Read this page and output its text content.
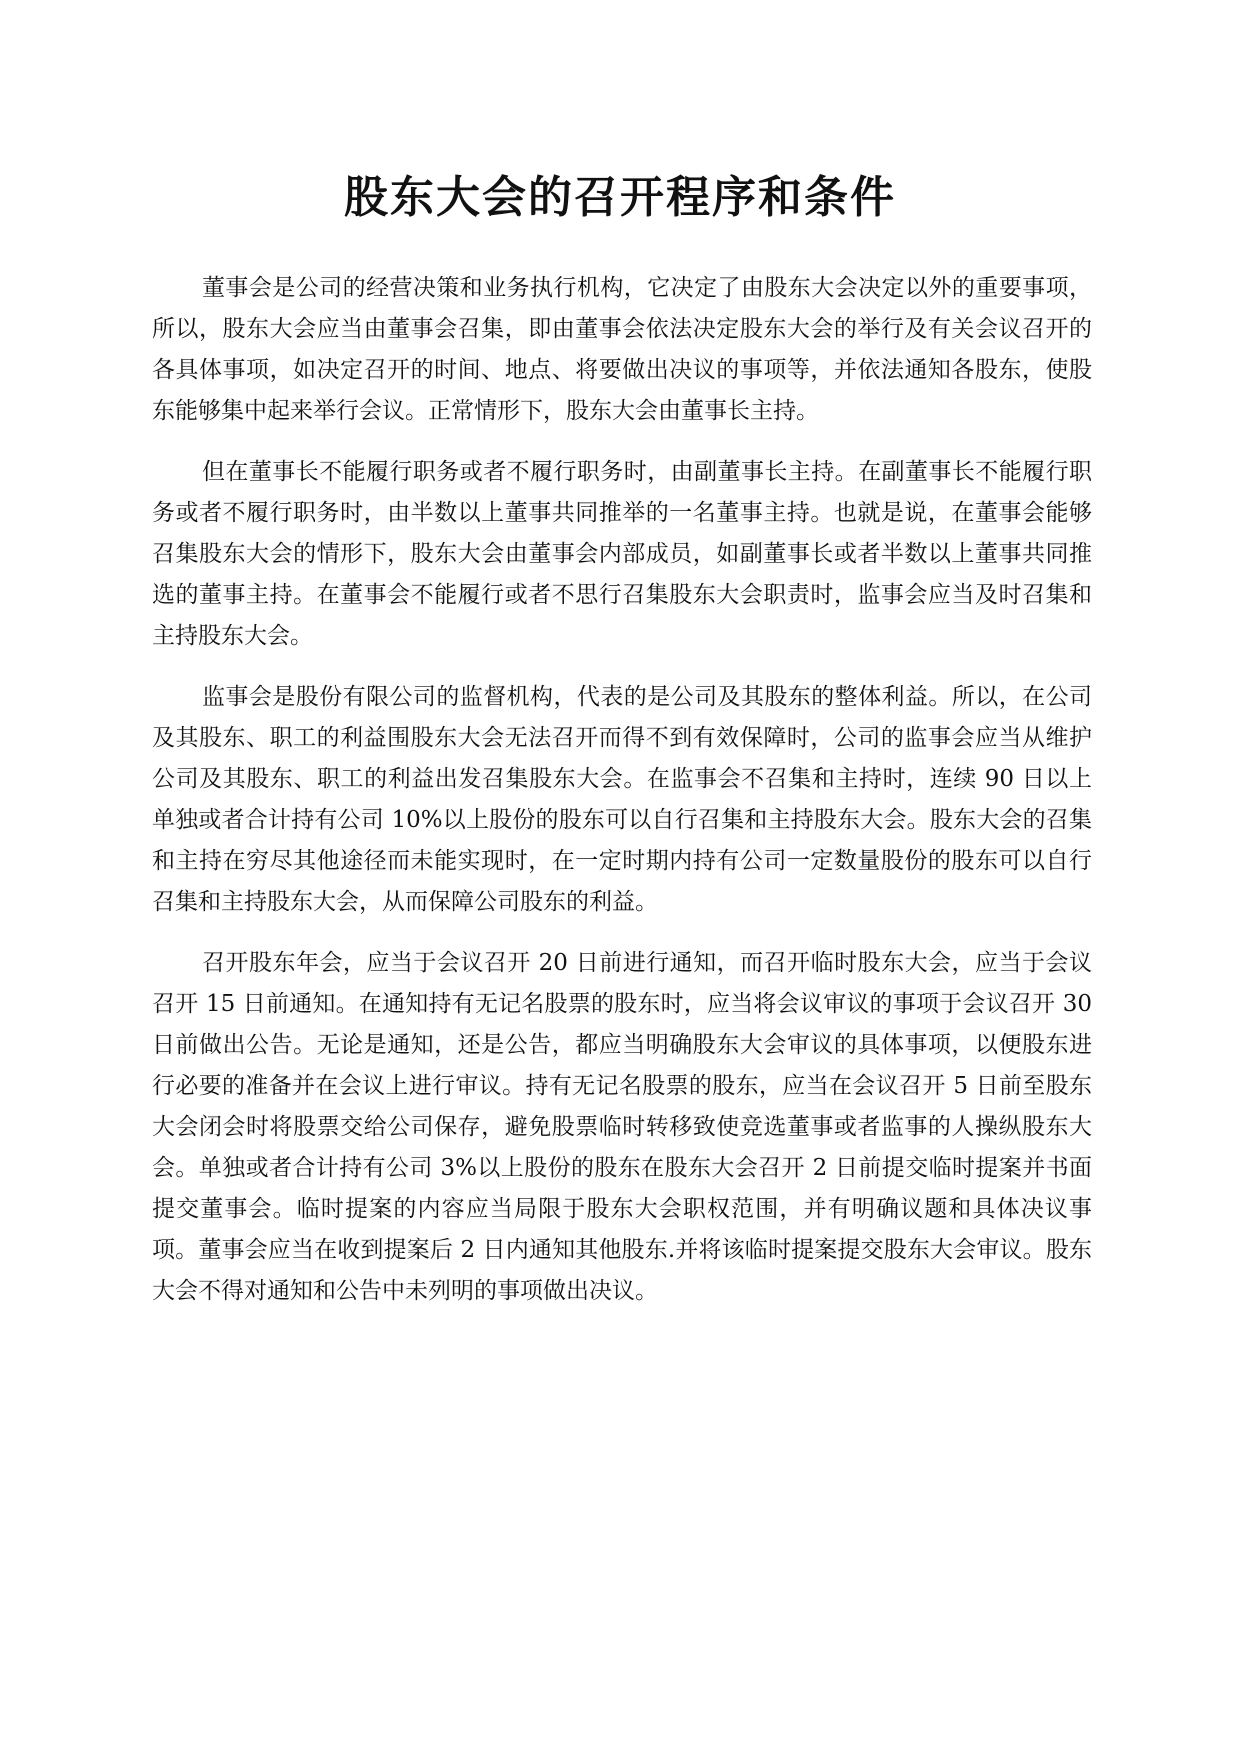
股东大会的召开程序和条件

董事会是公司的经营决策和业务执行机构，它决定了由股东大会决定以外的重要事项，所以，股东大会应当由董事会召集，即由董事会依法决定股东大会的举行及有关会议召开的各具体事项，如决定召开的时间、地点、将要做出决议的事项等，并依法通知各股东，使股东能够集中起来举行会议。正常情形下，股东大会由董事长主持。

但在董事长不能履行职务或者不履行职务时，由副董事长主持。在副董事长不能履行职务或者不履行职务时，由半数以上董事共同推举的一名董事主持。也就是说，在董事会能够召集股东大会的情形下，股东大会由董事会内部成员，如副董事长或者半数以上董事共同推选的董事主持。在董事会不能履行或者不思行召集股东大会职责时，监事会应当及时召集和主持股东大会。

监事会是股份有限公司的监督机构，代表的是公司及其股东的整体利益。所以，在公司及其股东、职工的利益围股东大会无法召开而得不到有效保障时，公司的监事会应当从维护公司及其股东、职工的利益出发召集股东大会。在监事会不召集和主持时，连续 90 日以上单独或者合计持有公司 10%以上股份的股东可以自行召集和主持股东大会。股东大会的召集和主持在穷尽其他途径而未能实现时，在一定时期内持有公司一定数量股份的股东可以自行召集和主持股东大会，从而保障公司股东的利益。

召开股东年会，应当于会议召开 20 日前进行通知，而召开临时股东大会，应当于会议召开 15 日前通知。在通知持有无记名股票的股东时，应当将会议审议的事项于会议召开 30　日前做出公告。无论是通知，还是公告，都应当明确股东大会审议的具体事项，以便股东进行必要的准备并在会议上进行审议。持有无记名股票的股东，应当在会议召开 5 日前至股东大会闭会时将股票交给公司保存，避免股票临时转移致使竞选董事或者监事的人操纵股东大会。单独或者合计持有公司 3%以上股份的股东在股东大会召开 2 日前提交临时提案并书面提交董事会。临时提案的内容应当局限于股东大会职权范围，并有明确议题和具体决议事项。董事会应当在收到提案后 2 日内通知其他股东.并将该临时提案提交股东大会审议。股东大会不得对通知和公告中未列明的事项做出决议。
